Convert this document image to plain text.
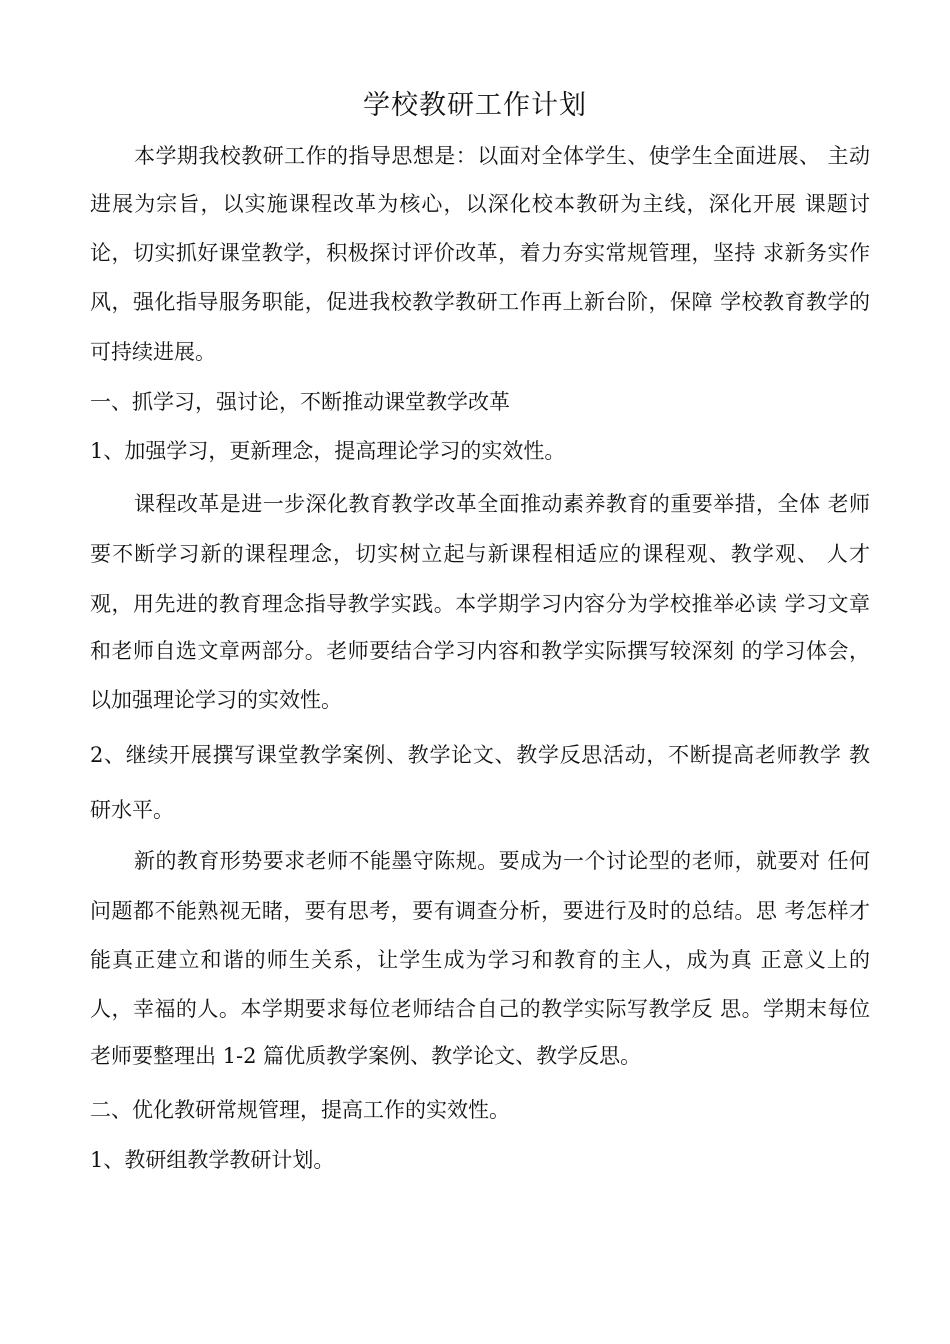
学校教研工作计划
本学期我校教研工作的指导思想是：以面对全体学生、使学生全面进展、 主动
进展为宗旨，以实施课程改革为核心，以深化校本教研为主线，深化开展 课题讨
论，切实抓好课堂教学，积极探讨评价改革，着力夯实常规管理，坚持 求新务实作
风，强化指导服务职能，促进我校教学教研工作再上新台阶，保障 学校教育教学的
可持续进展。
一、抓学习，强讨论，不断推动课堂教学改革
1、加强学习，更新理念，提高理论学习的实效性。
课程改革是进一步深化教育教学改革全面推动素养教育的重要举措，全体 老师
要不断学习新的课程理念，切实树立起与新课程相适应的课程观、教学观、 人才
观，用先进的教育理念指导教学实践。本学期学习内容分为学校推举必读 学习文章
和老师自选文章两部分。老师要结合学习内容和教学实际撰写较深刻 的学习体会，
以加强理论学习的实效性。
2、继续开展撰写课堂教学案例、教学论文、教学反思活动，不断提高老师教学 教
研水平。
新的教育形势要求老师不能墨守陈规。要成为一个讨论型的老师，就要对 任何
问题都不能熟视无睹，要有思考，要有调查分析，要进行及时的总结。思 考怎样才
能真正建立和谐的师生关系，让学生成为学习和教育的主人，成为真 正意义上的
人，幸福的人。本学期要求每位老师结合自己的教学实际写教学反 思。学期末每位
老师要整理出 1-2 篇优质教学案例、教学论文、教学反思。
二、优化教研常规管理，提高工作的实效性。
1、教研组教学教研计划。
